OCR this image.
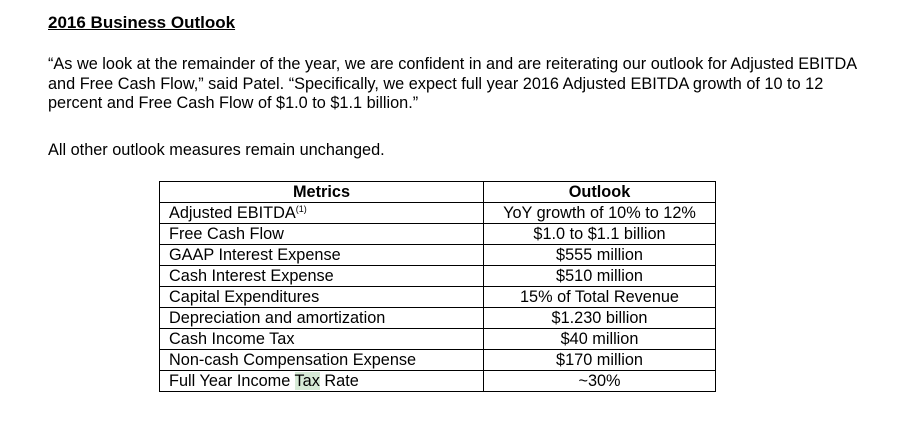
2016 Business Outlook

“As we look at the remainder of the year, we are confident in and are reiterating our outlook for Adjusted EBITDA and Free Cash Flow,” said Patel. “Specifically, we expect full year 2016 Adjusted EBITDA growth of 10 to 12 percent and Free Cash Flow of $1.0 to $1.1 billion.”

All other outlook measures remain unchanged.

Metrics	Outlook
Adjusted EBITDA$^{(1)}$	YoY growth of 10% to 12%
Free Cash Flow	$1.0 to $1.1 billion
GAAP Interest Expense	$555 million
Cash Interest Expense	$510 million
Capital Expenditures	15% of Total Revenue
Depreciation and amortization	$1.230 billion
Cash Income Tax	$40 million
Non-cash Compensation Expense	$170 million
Full Year Income Tax Rate	~30%
